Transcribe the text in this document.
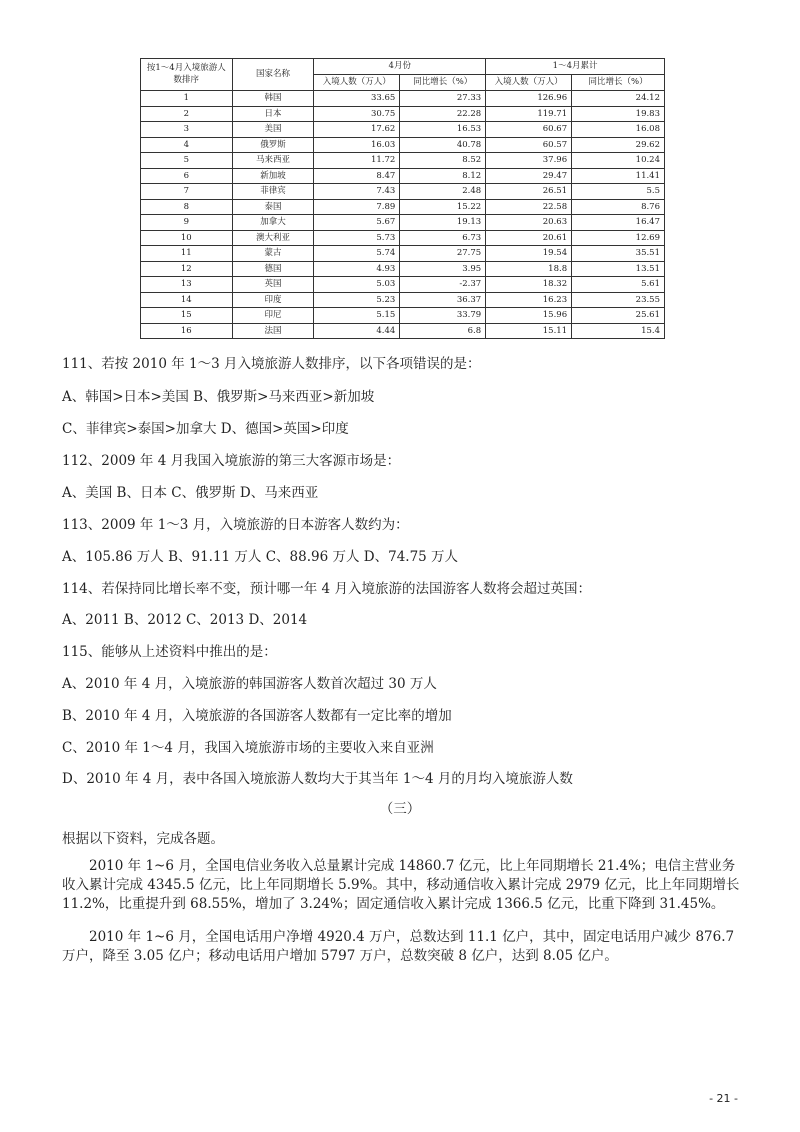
按1～4月入境旅游人数排序	国家名称	4月份		1～4月累计	
		入境人数（万人）	同比增长（%）	入境人数（万人）	同比增长（%）
1	韩国	33.65	27.33	126.96	24.12
2	日本	30.75	22.28	119.71	19.83
3	美国	17.62	16.53	60.67	16.08
4	俄罗斯	16.03	40.78	60.57	29.62
5	马来西亚	11.72	8.52	37.96	10.24
6	新加坡	8.47	8.12	29.47	11.41
7	菲律宾	7.43	2.48	26.51	5.5
8	泰国	7.89	15.22	22.58	8.76
9	加拿大	5.67	19.13	20.63	16.47
10	澳大利亚	5.73	6.73	20.61	12.69
11	蒙古	5.74	27.75	19.54	35.51
12	德国	4.93	3.95	18.8	13.51
13	英国	5.03	-2.37	18.32	5.61
14	印度	5.23	36.37	16.23	23.55
15	印尼	5.15	33.79	15.96	25.61
16	法国	4.44	6.8	15.11	15.4
111、若按 2010 年 1～3 月入境旅游人数排序，以下各项错误的是：
A、韩国>日本>美国 B、俄罗斯>马来西亚>新加坡
C、菲律宾>泰国>加拿大 D、德国>英国>印度
112、2009 年 4 月我国入境旅游的第三大客源市场是：
A、美国 B、日本 C、俄罗斯 D、马来西亚
113、2009 年 1～3 月，入境旅游的日本游客人数约为：
A、105.86 万人 B、91.11 万人 C、88.96 万人 D、74.75 万人
114、若保持同比增长率不变，预计哪一年 4 月入境旅游的法国游客人数将会超过英国：
A、2011 B、2012 C、2013 D、2014
115、能够从上述资料中推出的是：
A、2010 年 4 月，入境旅游的韩国游客人数首次超过 30 万人
B、2010 年 4 月，入境旅游的各国游客人数都有一定比率的增加
C、2010 年 1～4 月，我国入境旅游市场的主要收入来自亚洲
D、2010 年 4 月，表中各国入境旅游人数均大于其当年 1～4 月的月均入境旅游人数
（三）
根据以下资料，完成各题。
2010 年 1~6 月，全国电信业务收入总量累计完成 14860.7 亿元，比上年同期增长 21.4%；电信主营业务收入累计完成 4345.5 亿元，比上年同期增长 5.9%。其中，移动通信收入累计完成 2979 亿元，比上年同期增长 11.2%，比重提升到 68.55%，增加了 3.24%；固定通信收入累计完成 1366.5 亿元，比重下降到 31.45%。
2010 年 1~6 月，全国电话用户净增 4920.4 万户，总数达到 11.1 亿户，其中，固定电话用户减少 876.7 万户，降至 3.05 亿户；移动电话用户增加 5797 万户，总数突破 8 亿户，达到 8.05 亿户。
- 21 -
